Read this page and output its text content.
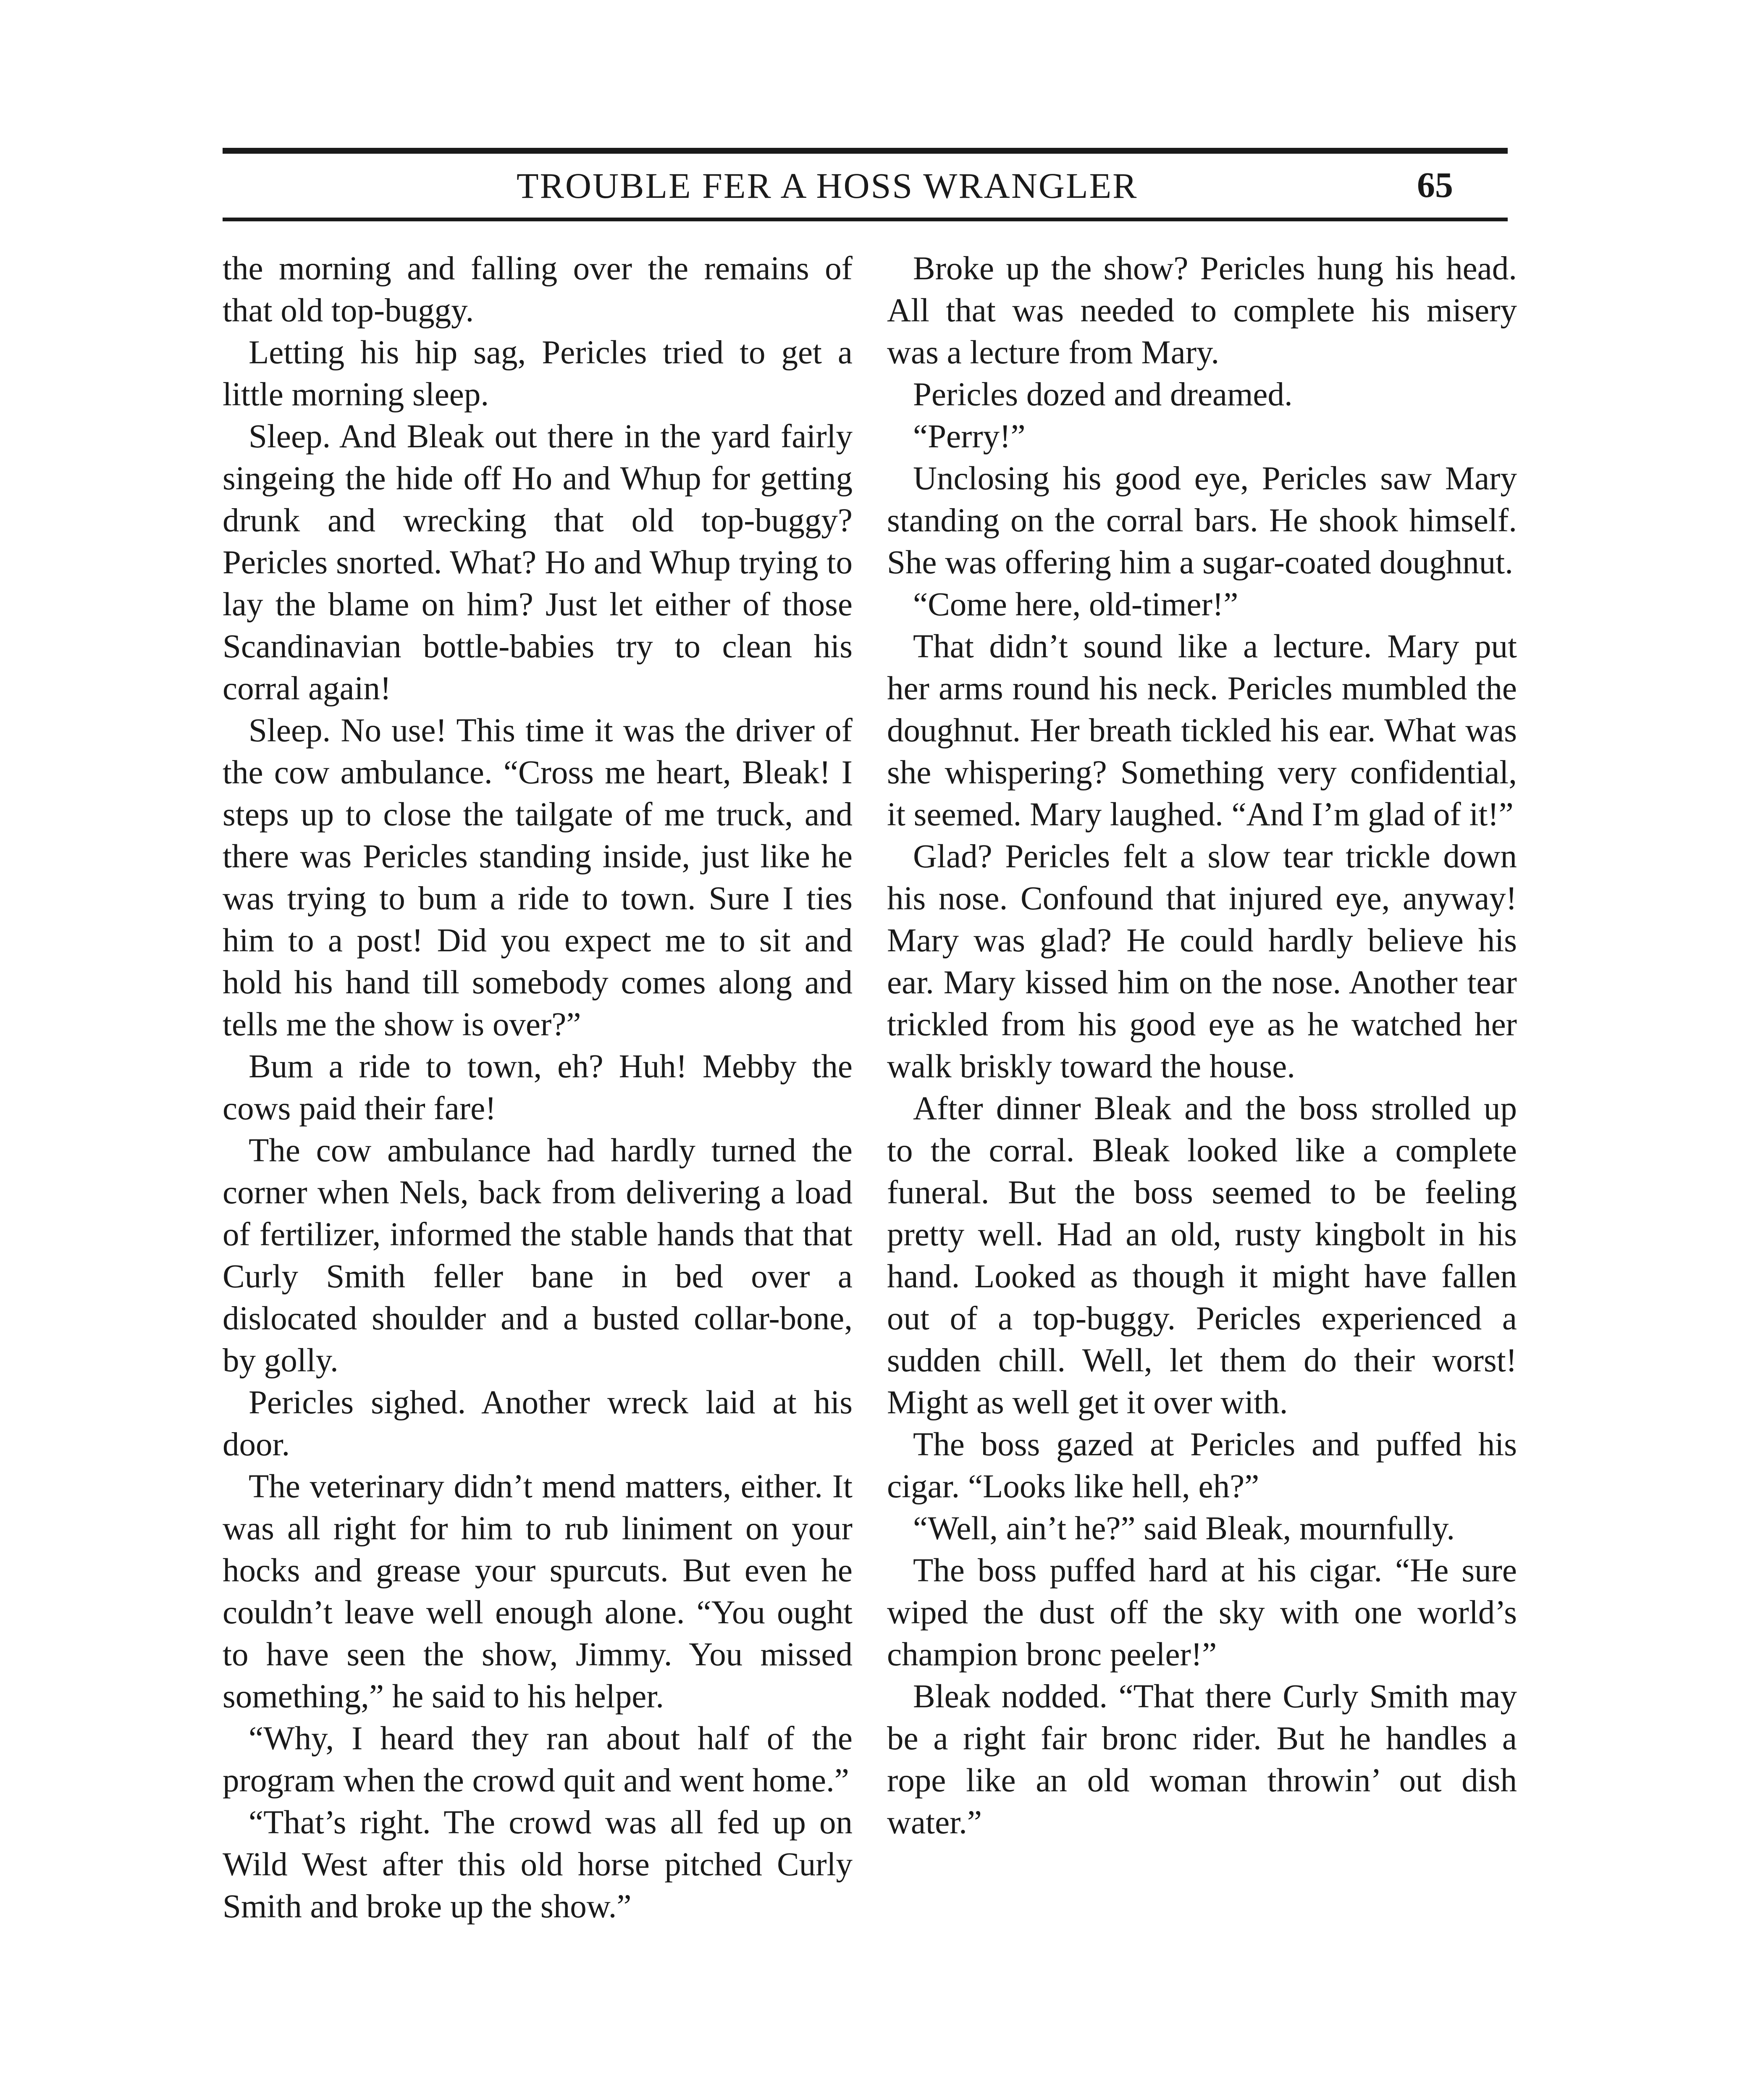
TROUBLE FER A HOSS WRANGLER	65

the morning and falling over the remains of that old top-buggy.

Letting his hip sag, Pericles tried to get a little morning sleep.

Sleep. And Bleak out there in the yard fairly singeing the hide off Ho and Whup for getting drunk and wrecking that old top-buggy? Pericles snorted. What? Ho and Whup trying to lay the blame on him? Just let either of those Scandinavian bottle-babies try to clean his corral again!

Sleep. No use! This time it was the driver of the cow ambulance. “Cross me heart, Bleak! I steps up to close the tailgate of me truck, and there was Pericles standing inside, just like he was trying to bum a ride to town. Sure I ties him to a post! Did you expect me to sit and hold his hand till somebody comes along and tells me the show is over?”

Bum a ride to town, eh? Huh! Mebby the cows paid their fare!

The cow ambulance had hardly turned the corner when Nels, back from delivering a load of fertilizer, informed the stable hands that that Curly Smith feller bane in bed over a dislocated shoulder and a busted collar-bone, by golly.

Pericles sighed. Another wreck laid at his door.

The veterinary didn’t mend matters, either. It was all right for him to rub liniment on your hocks and grease your spurcuts. But even he couldn’t leave well enough alone. “You ought to have seen the show, Jimmy. You missed something,” he said to his helper.

“Why, I heard they ran about half of the program when the crowd quit and went home.”

“That’s right. The crowd was all fed up on Wild West after this old horse pitched Curly Smith and broke up the show.”

Broke up the show? Pericles hung his head. All that was needed to complete his misery was a lecture from Mary.

Pericles dozed and dreamed.

“Perry!”

Unclosing his good eye, Pericles saw Mary standing on the corral bars. He shook himself. She was offering him a sugar-coated doughnut.

“Come here, old-timer!”

That didn’t sound like a lecture. Mary put her arms round his neck. Pericles mumbled the doughnut. Her breath tickled his ear. What was she whispering? Something very confidential, it seemed. Mary laughed. “And I’m glad of it!”

Glad? Pericles felt a slow tear trickle down his nose. Confound that injured eye, anyway! Mary was glad? He could hardly believe his ear. Mary kissed him on the nose. Another tear trickled from his good eye as he watched her walk briskly toward the house.

After dinner Bleak and the boss strolled up to the corral. Bleak looked like a complete funeral. But the boss seemed to be feeling pretty well. Had an old, rusty kingbolt in his hand. Looked as though it might have fallen out of a top-buggy. Pericles experienced a sudden chill. Well, let them do their worst! Might as well get it over with.

The boss gazed at Pericles and puffed his cigar. “Looks like hell, eh?”

“Well, ain’t he?” said Bleak, mournfully.

The boss puffed hard at his cigar. “He sure wiped the dust off the sky with one world’s champion bronc peeler!”

Bleak nodded. “That there Curly Smith may be a right fair bronc rider. But he handles a rope like an old woman throwin’ out dish water.”
